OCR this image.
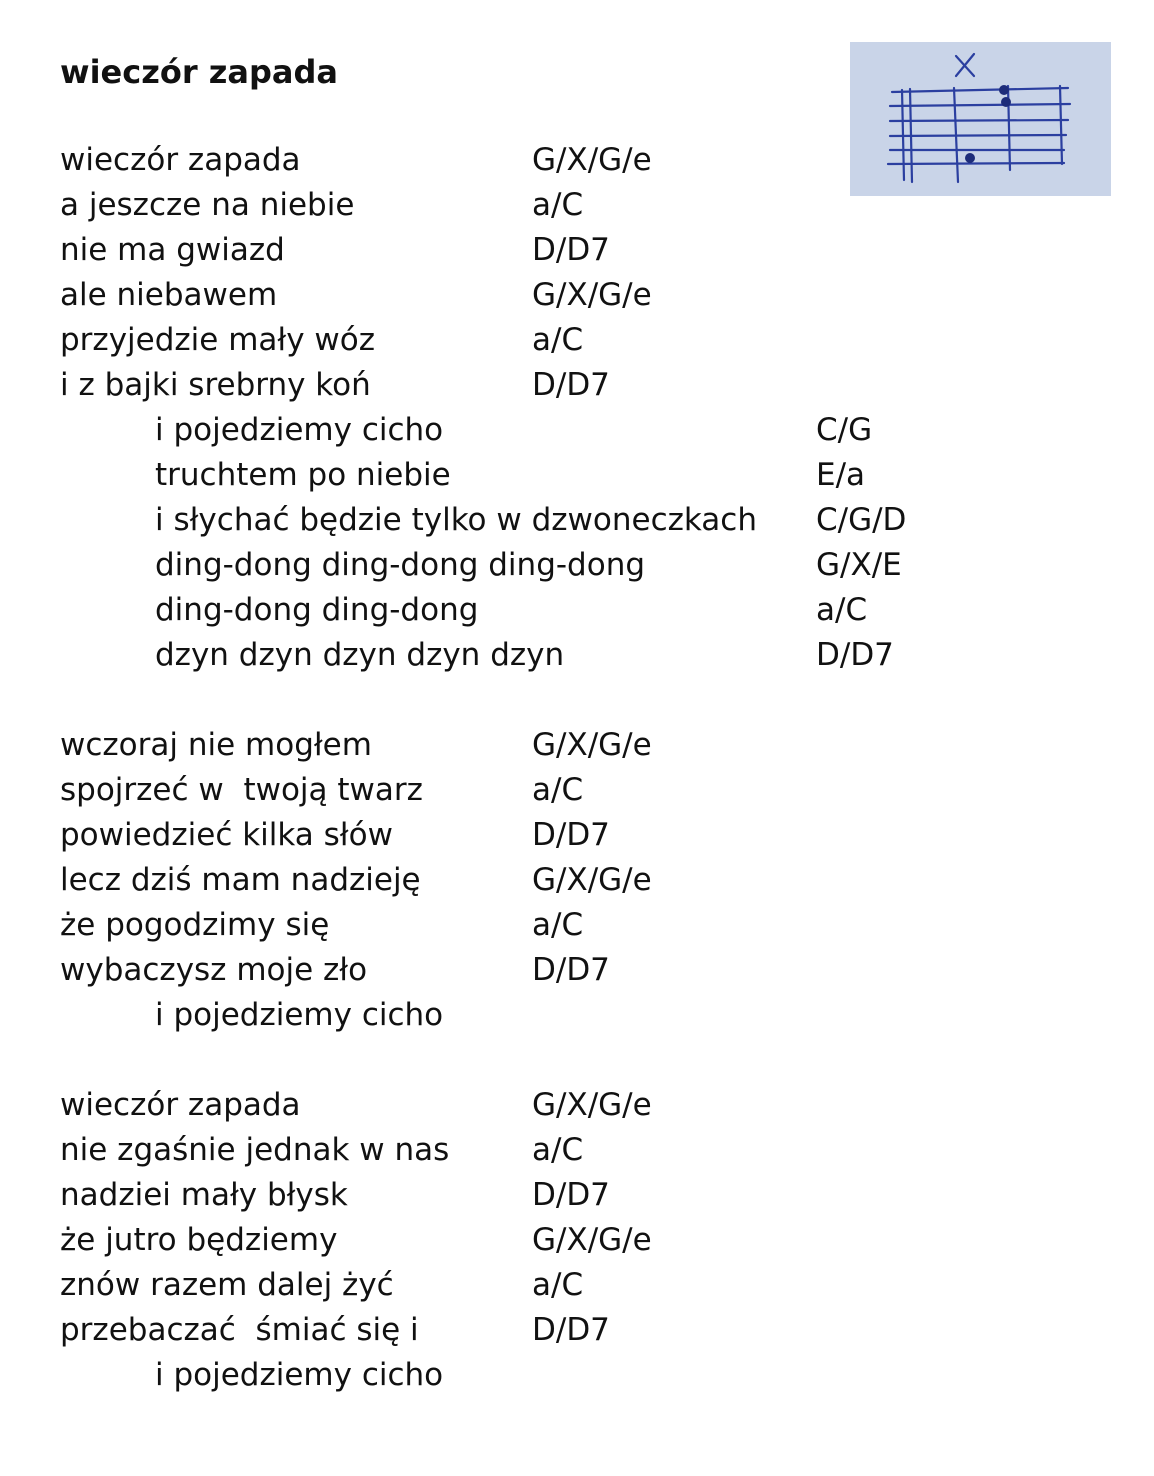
wieczór zapada
wieczór zapada	G/X/G/e
a jeszcze na niebie	a/C
nie ma gwiazd	D/D7
ale niebawem	G/X/G/e
przyjedzie mały wóz	a/C
i z bajki srebrny koń	D/D7
i pojedziemy cicho	C/G
truchtem po niebie	E/a
i słychać będzie tylko w dzwoneczkach C/G/D
ding-dong ding-dong ding-dong	G/X/E
ding-dong ding-dong	a/C
dzyn dzyn dzyn dzyn dzyn	D/D7
wczoraj nie mogłem	G/X/G/e
spojrzeć w  twoją twarz	a/C
powiedzieć kilka słów	D/D7
lecz dziś mam nadzieję	G/X/G/e
że pogodzimy się	a/C
wybaczysz moje zło	D/D7
i pojedziemy cicho
wieczór zapada	G/X/G/e
nie zgaśnie jednak w nas	a/C
nadziei mały błysk	D/D7
że jutro będziemy	G/X/G/e
znów razem dalej żyć	a/C
przebaczać  śmiać się i	D/D7
i pojedziemy cicho
